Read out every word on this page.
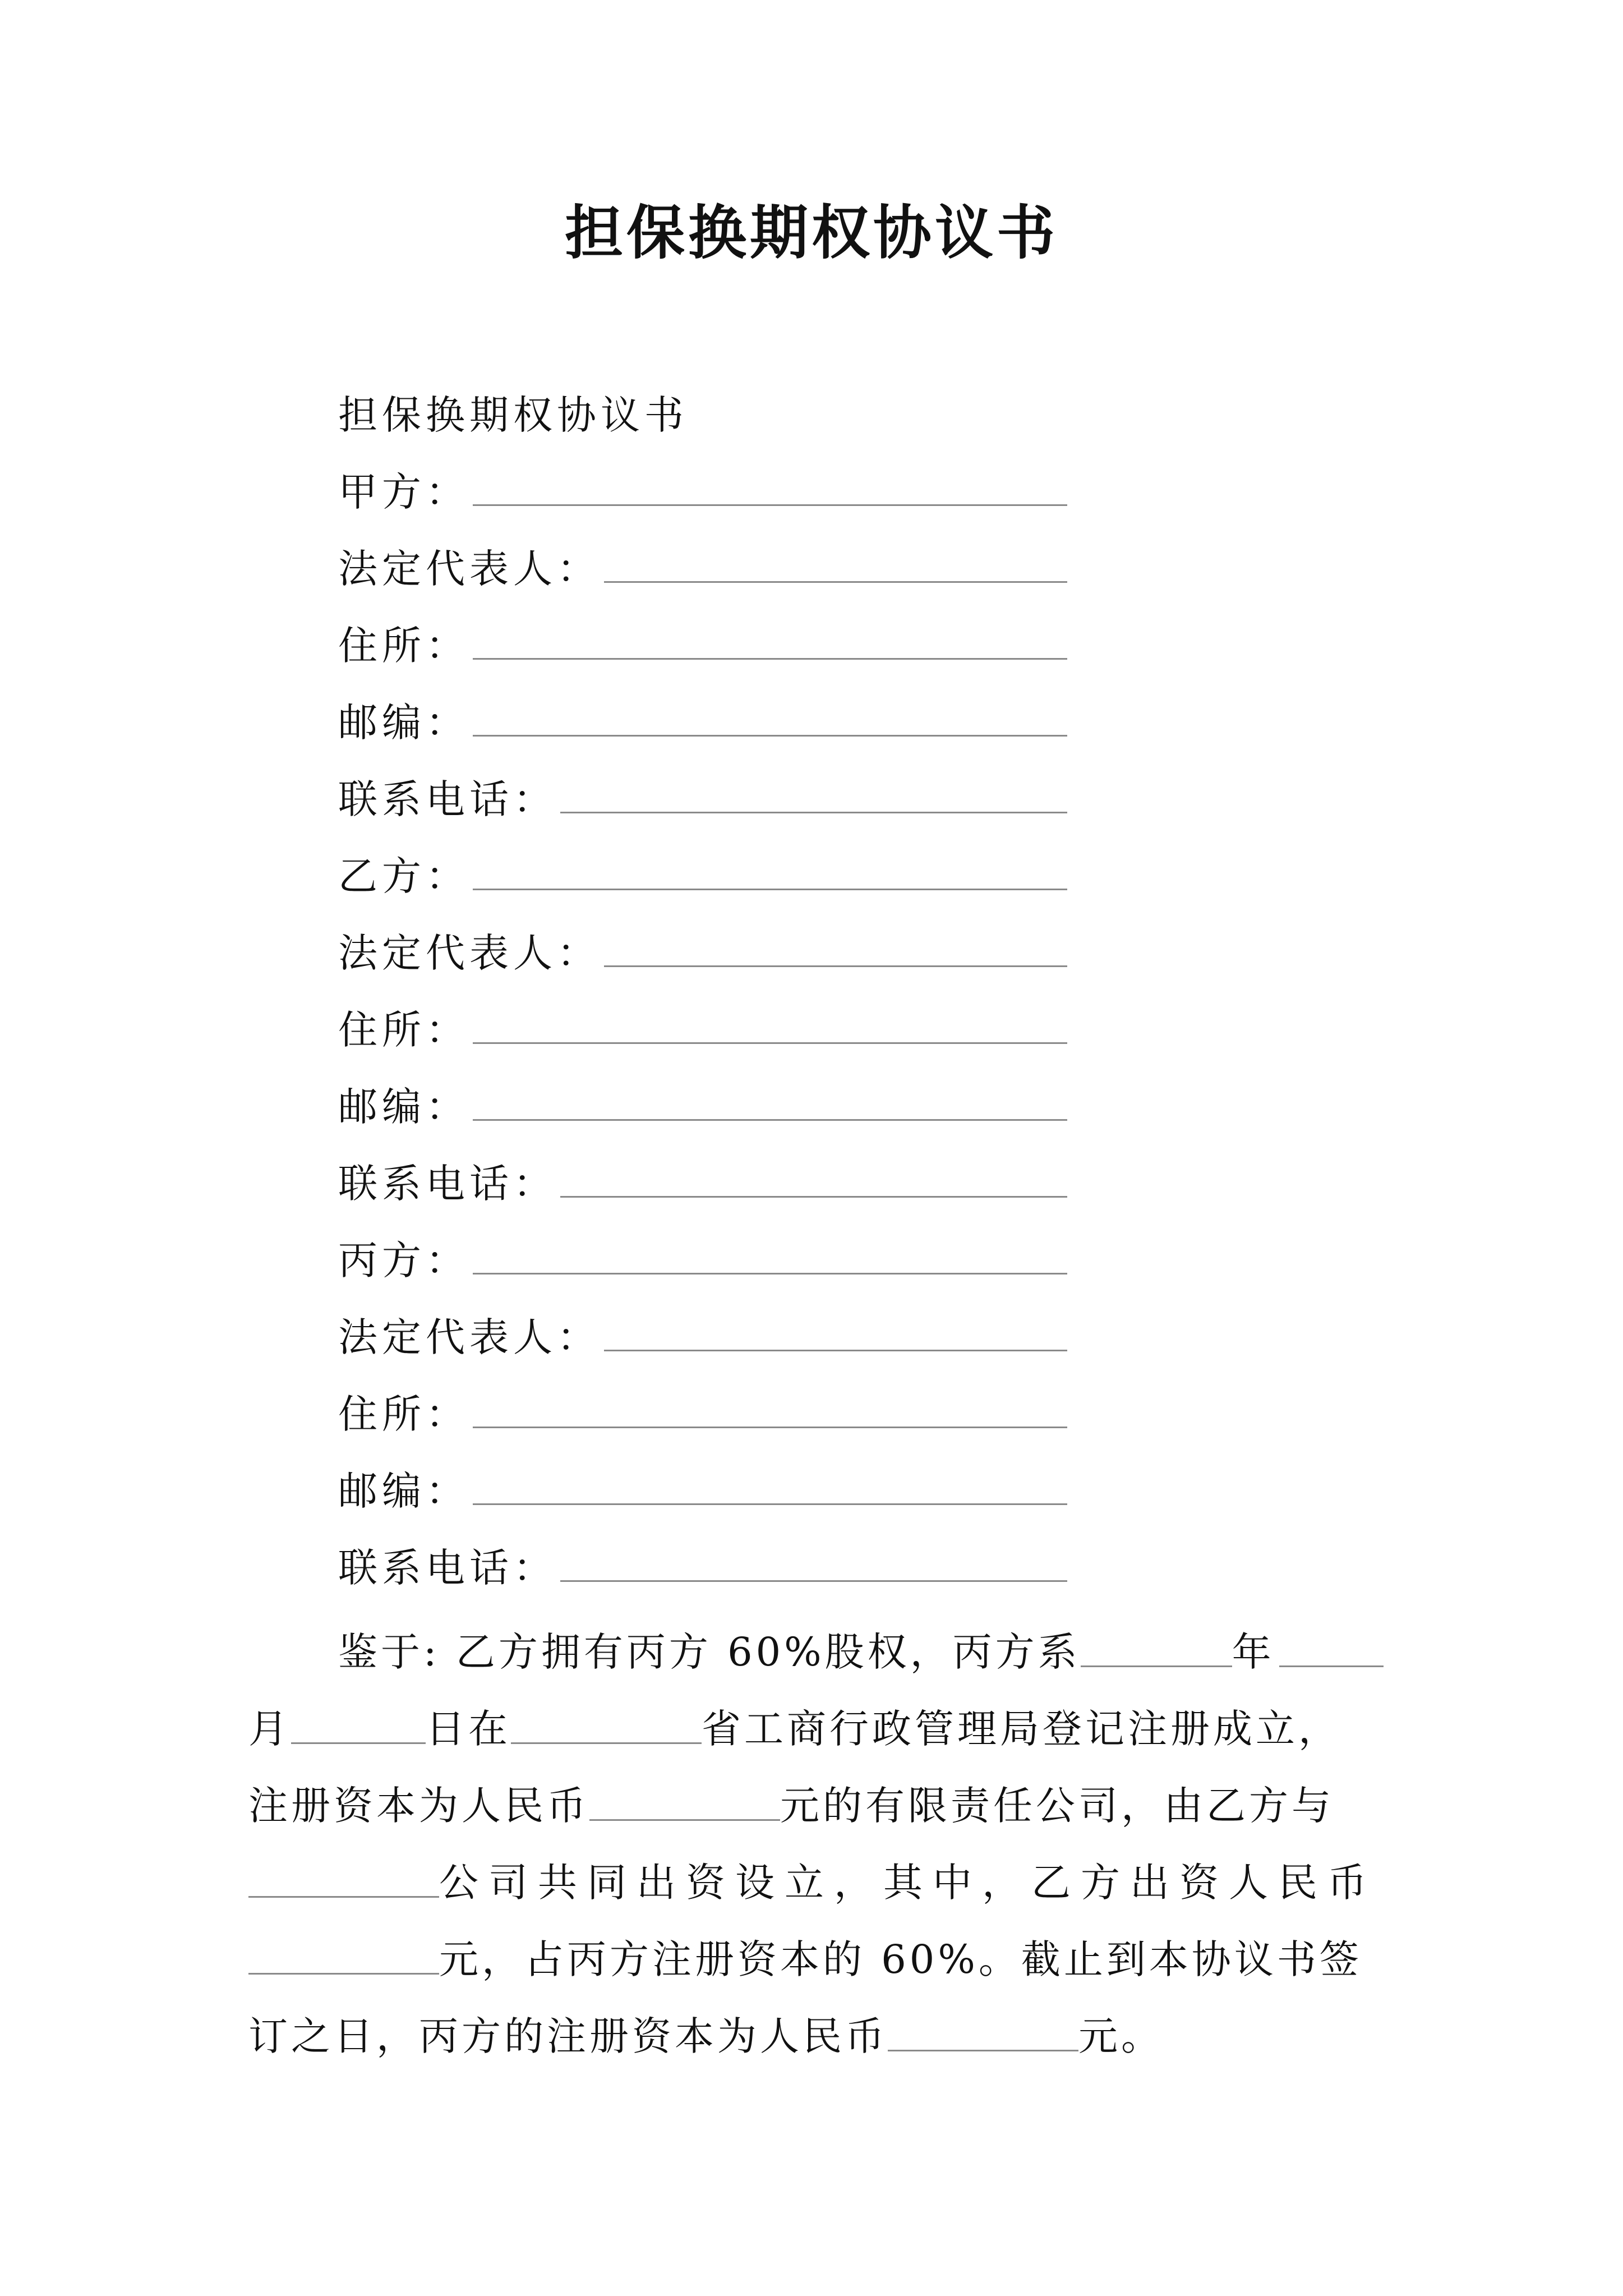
担保换期权协议书
担保换期权协议书
甲方：
法定代表人：
住所：
邮编：
联系电话：
乙方：
法定代表人：
住所：
邮编：
联系电话：
丙方：
法定代表人：
住所：
邮编：
联系电话：
鉴于: 乙方拥有丙方 60%股权，丙方系	年
月	日在	省工商行政管理局登记注册成立，
注册资本为人民币	元的有限责任公司，由乙方与
公司共同出资设立，其中，乙方出资人民币
元，占丙方注册资本的 60%。截止到本协议书签
订之日，丙方的注册资本为人民币	元。
